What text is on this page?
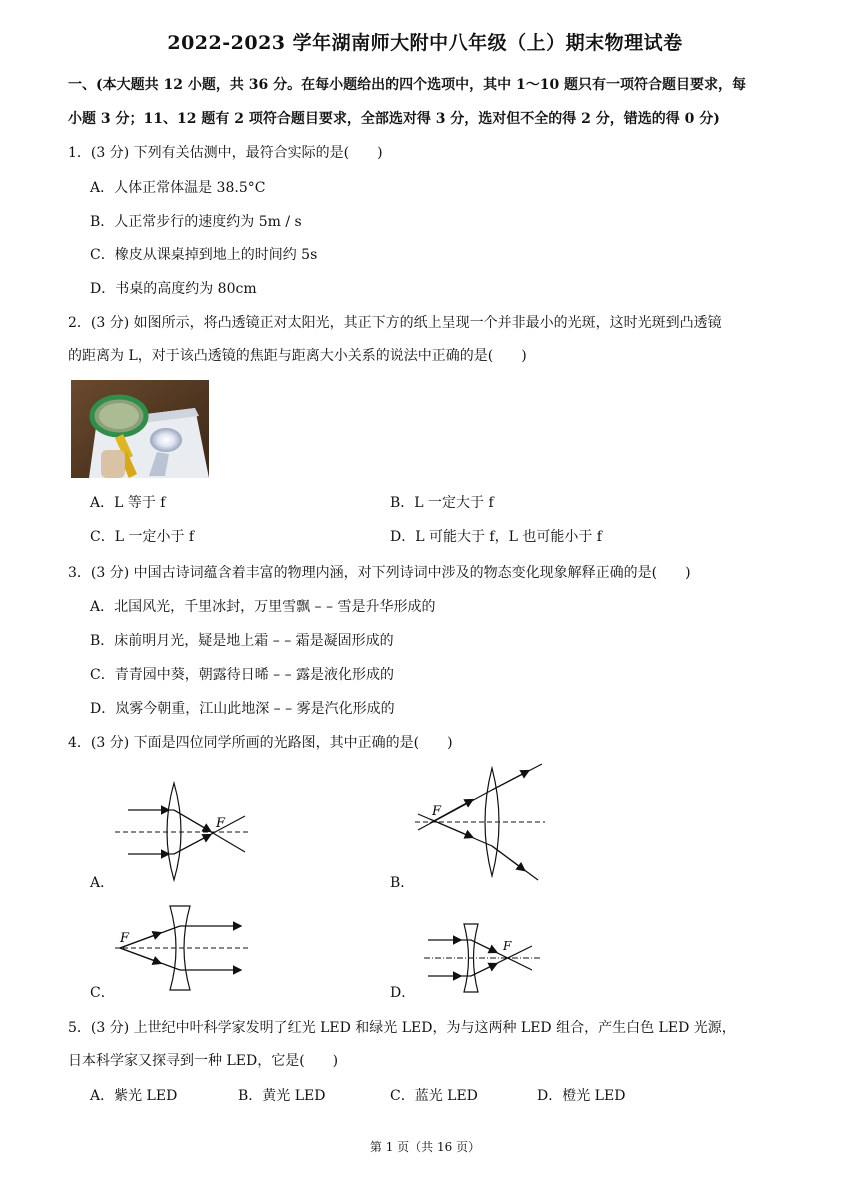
2022-2023 学年湖南师大附中八年级（上）期末物理试卷
一、(本大题共 12 小题，共 36 分。在每小题给出的四个选项中，其中 1～10 题只有一项符合题目要求，每
小题 3 分；11、12 题有 2 项符合题目要求，全部选对得 3 分，选对但不全的得 2 分，错选的得 0 分)
1．(3 分) 下列有关估测中，最符合实际的是(　　)
A．人体正常体温是 38.5°C
B．人正常步行的速度约为 5m / s
C．橡皮从课桌掉到地上的时间约 5s
D．书桌的高度约为 80cm
2．(3 分) 如图所示，将凸透镜正对太阳光，其正下方的纸上呈现一个并非最小的光斑，这时光斑到凸透镜
的距离为 L，对于该凸透镜的焦距与距离大小关系的说法中正确的是(　　)
A．L 等于 f	B．L 一定大于 f
C．L 一定小于 f	D．L 可能大于 f，L 也可能小于 f
3．(3 分) 中国古诗词蕴含着丰富的物理内涵，对下列诗词中涉及的物态变化现象解释正确的是(　　)
A．北国风光，千里冰封，万里雪飘 – – 雪是升华形成的
B．床前明月光，疑是地上霜 – – 霜是凝固形成的
C．青青园中葵，朝露待日晞 – – 露是液化形成的
D．岚雾今朝重，江山此地深 – – 雾是汽化形成的
4．(3 分) 下面是四位同学所画的光路图，其中正确的是(　　)
F
A．
F
B．
F
C．
F
D．
5．(3 分) 上世纪中叶科学家发明了红光 LED 和绿光 LED，为与这两种 LED 组合，产生白色 LED 光源，
日本科学家又探寻到一种 LED，它是(　　)
A．紫光 LED	B．黄光 LED	C．蓝光 LED	D．橙光 LED
第 1 页（共 16 页）
